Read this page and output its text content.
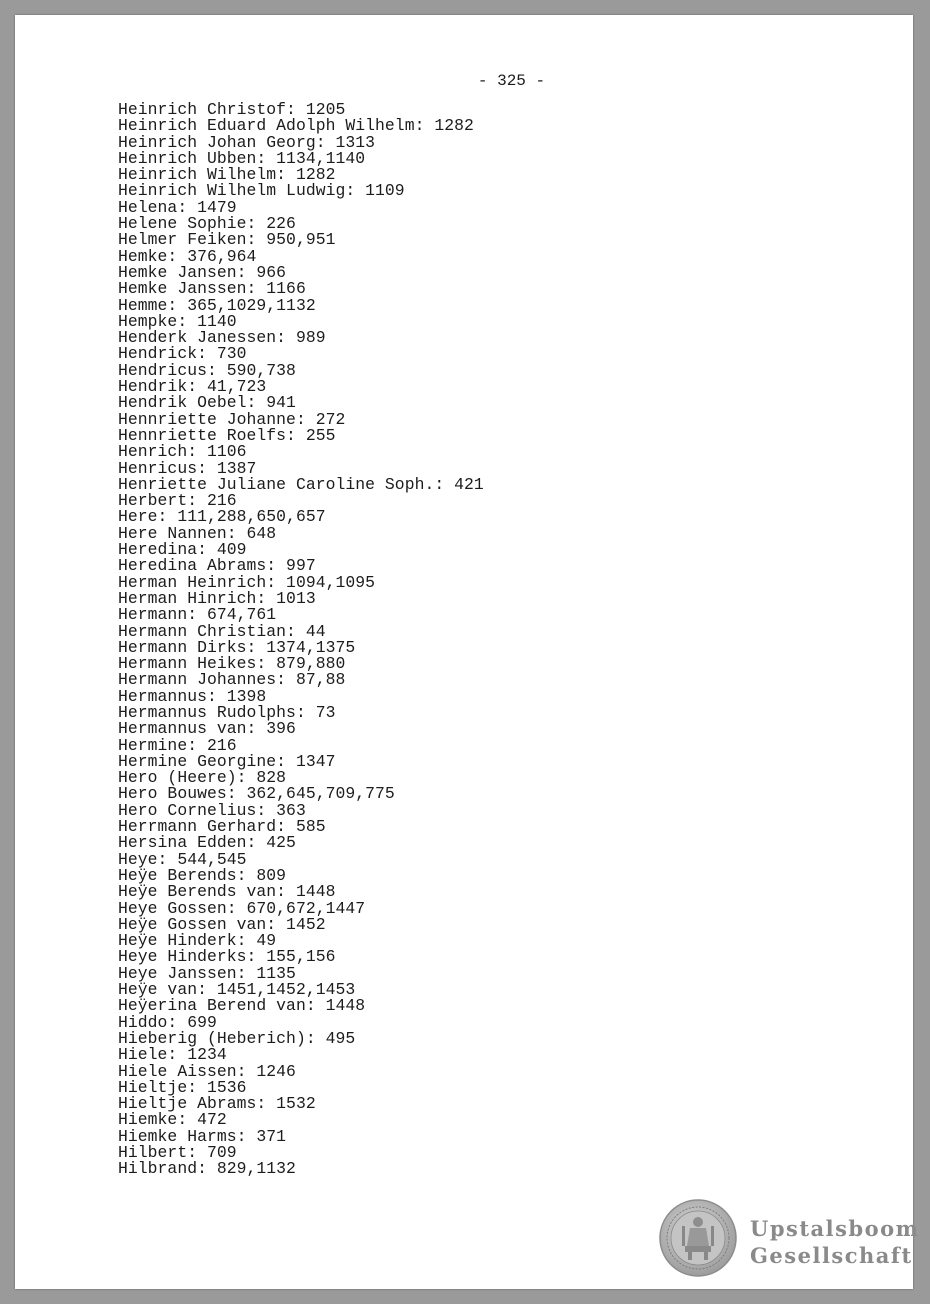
- 325 -
Heinrich Christof: 1205
Heinrich Eduard Adolph Wilhelm: 1282
Heinrich Johan Georg: 1313
Heinrich Ubben: 1134,1140
Heinrich Wilhelm: 1282
Heinrich Wilhelm Ludwig: 1109
Helena: 1479
Helene Sophie: 226
Helmer Feiken: 950,951
Hemke: 376,964
Hemke Jansen: 966
Hemke Janssen: 1166
Hemme: 365,1029,1132
Hempke: 1140
Henderk Janessen: 989
Hendrick: 730
Hendricus: 590,738
Hendrik: 41,723
Hendrik Oebel: 941
Hennriette Johanne: 272
Hennriette Roelfs: 255
Henrich: 1106
Henricus: 1387
Henriette Juliane Caroline Soph.: 421
Herbert: 216
Here: 111,288,650,657
Here Nannen: 648
Heredina: 409
Heredina Abrams: 997
Herman Heinrich: 1094,1095
Herman Hinrich: 1013
Hermann: 674,761
Hermann Christian: 44
Hermann Dirks: 1374,1375
Hermann Heikes: 879,880
Hermann Johannes: 87,88
Hermannus: 1398
Hermannus Rudolphs: 73
Hermannus van: 396
Hermine: 216
Hermine Georgine: 1347
Hero (Heere): 828
Hero Bouwes: 362,645,709,775
Hero Cornelius: 363
Herrmann Gerhard: 585
Hersina Edden: 425
Heye: 544,545
Heÿe Berends: 809
Heÿe Berends van: 1448
Heye Gossen: 670,672,1447
Heÿe Gossen van: 1452
Heÿe Hinderk: 49
Heye Hinderks: 155,156
Heye Janssen: 1135
Heÿe van: 1451,1452,1453
Heÿerina Berend van: 1448
Hiddo: 699
Hieberig (Heberich): 495
Hiele: 1234
Hiele Aissen: 1246
Hieltje: 1536
Hieltje Abrams: 1532
Hiemke: 472
Hiemke Harms: 371
Hilbert: 709
Hilbrand: 829,1132
Upstalsboom
Gesellschaft
